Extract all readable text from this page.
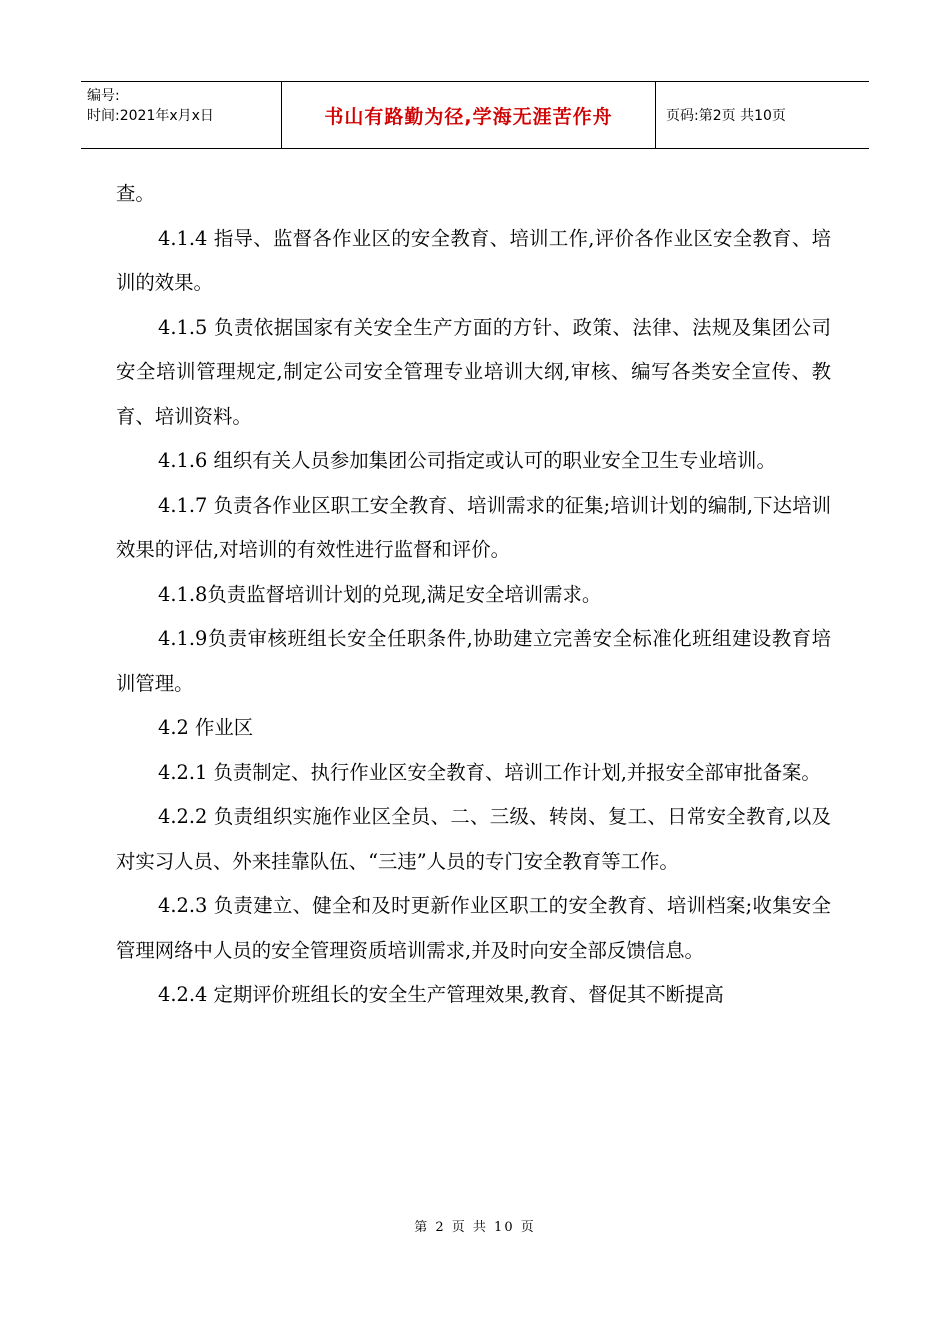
编号:
时间:2021年x月x日	书山有路勤为径,学海无涯苦作舟	页码:第2页 共10页

查。

4.1.4 指导、监督各作业区的安全教育、培训工作,评价各作业区安全教育、培训的效果。

4.1.5 负责依据国家有关安全生产方面的方针、政策、法律、法规及集团公司安全培训管理规定,制定公司安全管理专业培训大纲,审核、编写各类安全宣传、教育、培训资料。

4.1.6 组织有关人员参加集团公司指定或认可的职业安全卫生专业培训。

4.1.7 负责各作业区职工安全教育、培训需求的征集;培训计划的编制,下达培训效果的评估,对培训的有效性进行监督和评价。

4.1.8负责监督培训计划的兑现,满足安全培训需求。

4.1.9负责审核班组长安全任职条件,协助建立完善安全标准化班组建设教育培训管理。

4.2 作业区

4.2.1 负责制定、执行作业区安全教育、培训工作计划,并报安全部审批备案。

4.2.2 负责组织实施作业区全员、二、三级、转岗、复工、日常安全教育,以及对实习人员、外来挂靠队伍、“三违”人员的专门安全教育等工作。

4.2.3 负责建立、健全和及时更新作业区职工的安全教育、培训档案;收集安全管理网络中人员的安全管理资质培训需求,并及时向安全部反馈信息。

4.2.4 定期评价班组长的安全生产管理效果,教育、督促其不断提高

第 2 页 共 10 页
